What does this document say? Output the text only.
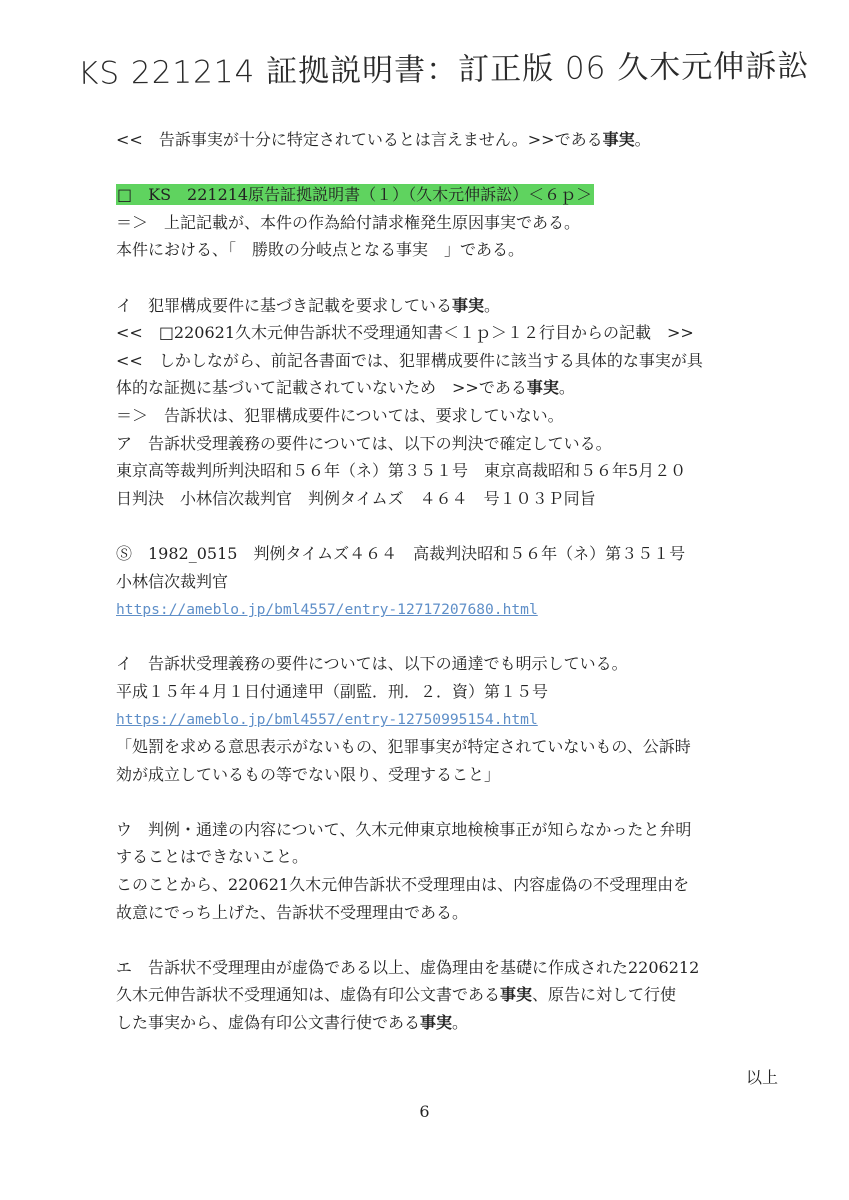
KS 221214 証拠説明書：訂正版 06 久木元伸訴訟
<<　告訴事実が十分に特定されているとは言えません。>>である事実。
□　KS　221214原告証拠説明書（１）（久木元伸訴訟）＜６ｐ＞
＝＞　上記記載が、本件の作為給付請求権発生原因事実である。
本件における、「　勝敗の分岐点となる事実　」である。
イ　犯罪構成要件に基づき記載を要求している事実。
<<　□220621久木元伸告訴状不受理通知書＜１ｐ＞１２行目からの記載　>>
<<　しかしながら、前記各書面では、犯罪構成要件に該当する具体的な事実が具
体的な証拠に基づいて記載されていないため　>>である事実。
＝＞　告訴状は、犯罪構成要件については、要求していない。
ア　告訴状受理義務の要件については、以下の判決で確定している。
東京高等裁判所判決昭和５６年（ネ）第３５１号　東京高裁昭和５６年5月２０
日判決　小林信次裁判官　判例タイムズ　４６４　号１０３Ｐ同旨
Ⓢ　1982_0515　判例タイムズ４６４　高裁判決昭和５６年（ネ）第３５１号
小林信次裁判官
https://ameblo.jp/bml4557/entry-12717207680.html
イ　告訴状受理義務の要件については、以下の通達でも明示している。
平成１５年４月１日付通達甲（副監．刑．２．資）第１５号
https://ameblo.jp/bml4557/entry-12750995154.html
「処罰を求める意思表示がないもの、犯罪事実が特定されていないもの、公訴時
効が成立しているもの等でない限り、受理すること」
ウ　判例・通達の内容について、久木元伸東京地検検事正が知らなかったと弁明
することはできないこと。
このことから、220621久木元伸告訴状不受理理由は、内容虚偽の不受理理由を
故意にでっち上げた、告訴状不受理理由である。
エ　告訴状不受理理由が虚偽である以上、虚偽理由を基礎に作成された2206212
久木元伸告訴状不受理通知は、虚偽有印公文書である事実、原告に対して行使
した事実から、虚偽有印公文書行使である事実。
以上
6
